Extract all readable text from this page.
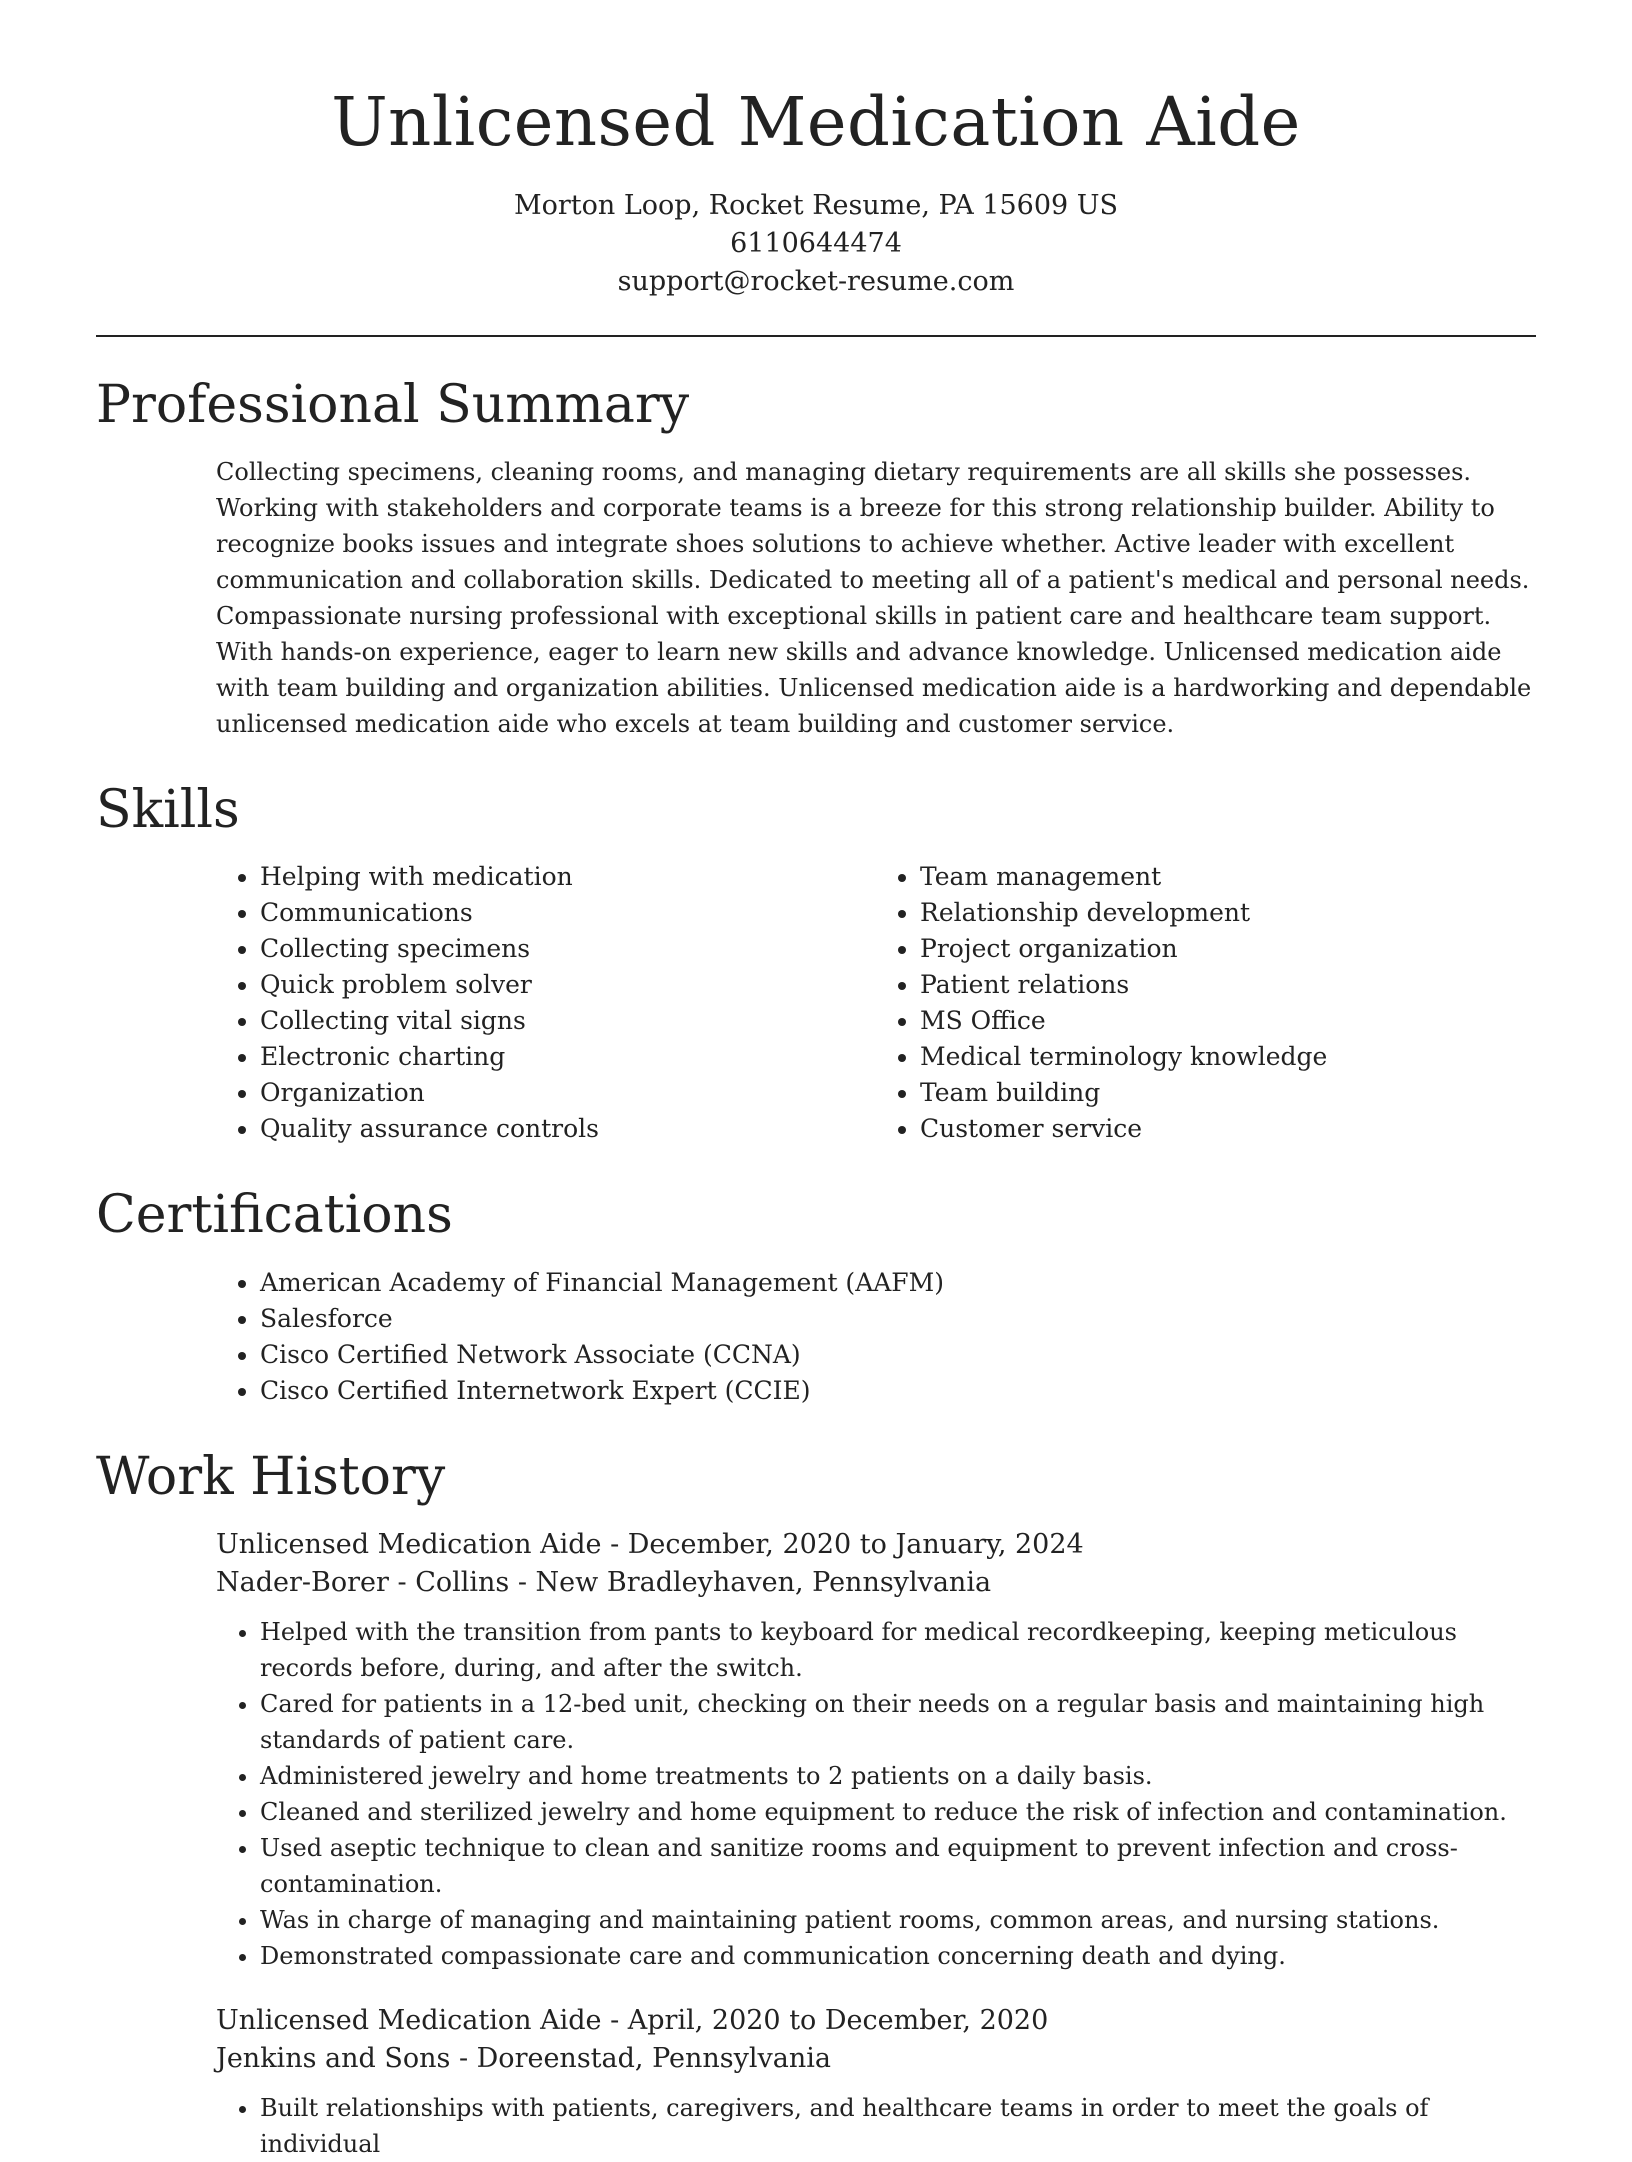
Unlicensed Medication Aide
Morton Loop, Rocket Resume, PA 15609 US
6110644474
support@rocket-resume.com
Professional Summary

Collecting specimens, cleaning rooms, and managing dietary requirements are all skills she possesses. Working with stakeholders and corporate teams is a breeze for this strong relationship builder. Ability to recognize books issues and integrate shoes solutions to achieve whether. Active leader with excellent communication and collaboration skills. Dedicated to meeting all of a patient's medical and personal needs. Compassionate nursing professional with exceptional skills in patient care and healthcare team support. With hands-on experience, eager to learn new skills and advance knowledge. Unlicensed medication aide with team building and organization abilities. Unlicensed medication aide is a hardworking and dependable unlicensed medication aide who excels at team building and customer service.

Skills
• Helping with medication
• Communications
• Collecting specimens
• Quick problem solver
• Collecting vital signs
• Electronic charting
• Organization
• Quality assurance controls
• Team management
• Relationship development
• Project organization
• Patient relations
• MS Office
• Medical terminology knowledge
• Team building
• Customer service
Certifications
• American Academy of Financial Management (AAFM)
• Salesforce
• Cisco Certified Network Associate (CCNA)
• Cisco Certified Internetwork Expert (CCIE)
Work History
Unlicensed Medication Aide - December, 2020 to January, 2024
Nader-Borer - Collins - New Bradleyhaven, Pennsylvania
• Helped with the transition from pants to keyboard for medical recordkeeping, keeping meticulous records before, during, and after the switch.
• Cared for patients in a 12-bed unit, checking on their needs on a regular basis and maintaining high standards of patient care.
• Administered jewelry and home treatments to 2 patients on a daily basis.
• Cleaned and sterilized jewelry and home equipment to reduce the risk of infection and contamination.
• Used aseptic technique to clean and sanitize rooms and equipment to prevent infection and cross-contamination.
• Was in charge of managing and maintaining patient rooms, common areas, and nursing stations.
• Demonstrated compassionate care and communication concerning death and dying.
Unlicensed Medication Aide - April, 2020 to December, 2020
Jenkins and Sons - Doreenstad, Pennsylvania
• Built relationships with patients, caregivers, and healthcare teams in order to meet the goals of individual
